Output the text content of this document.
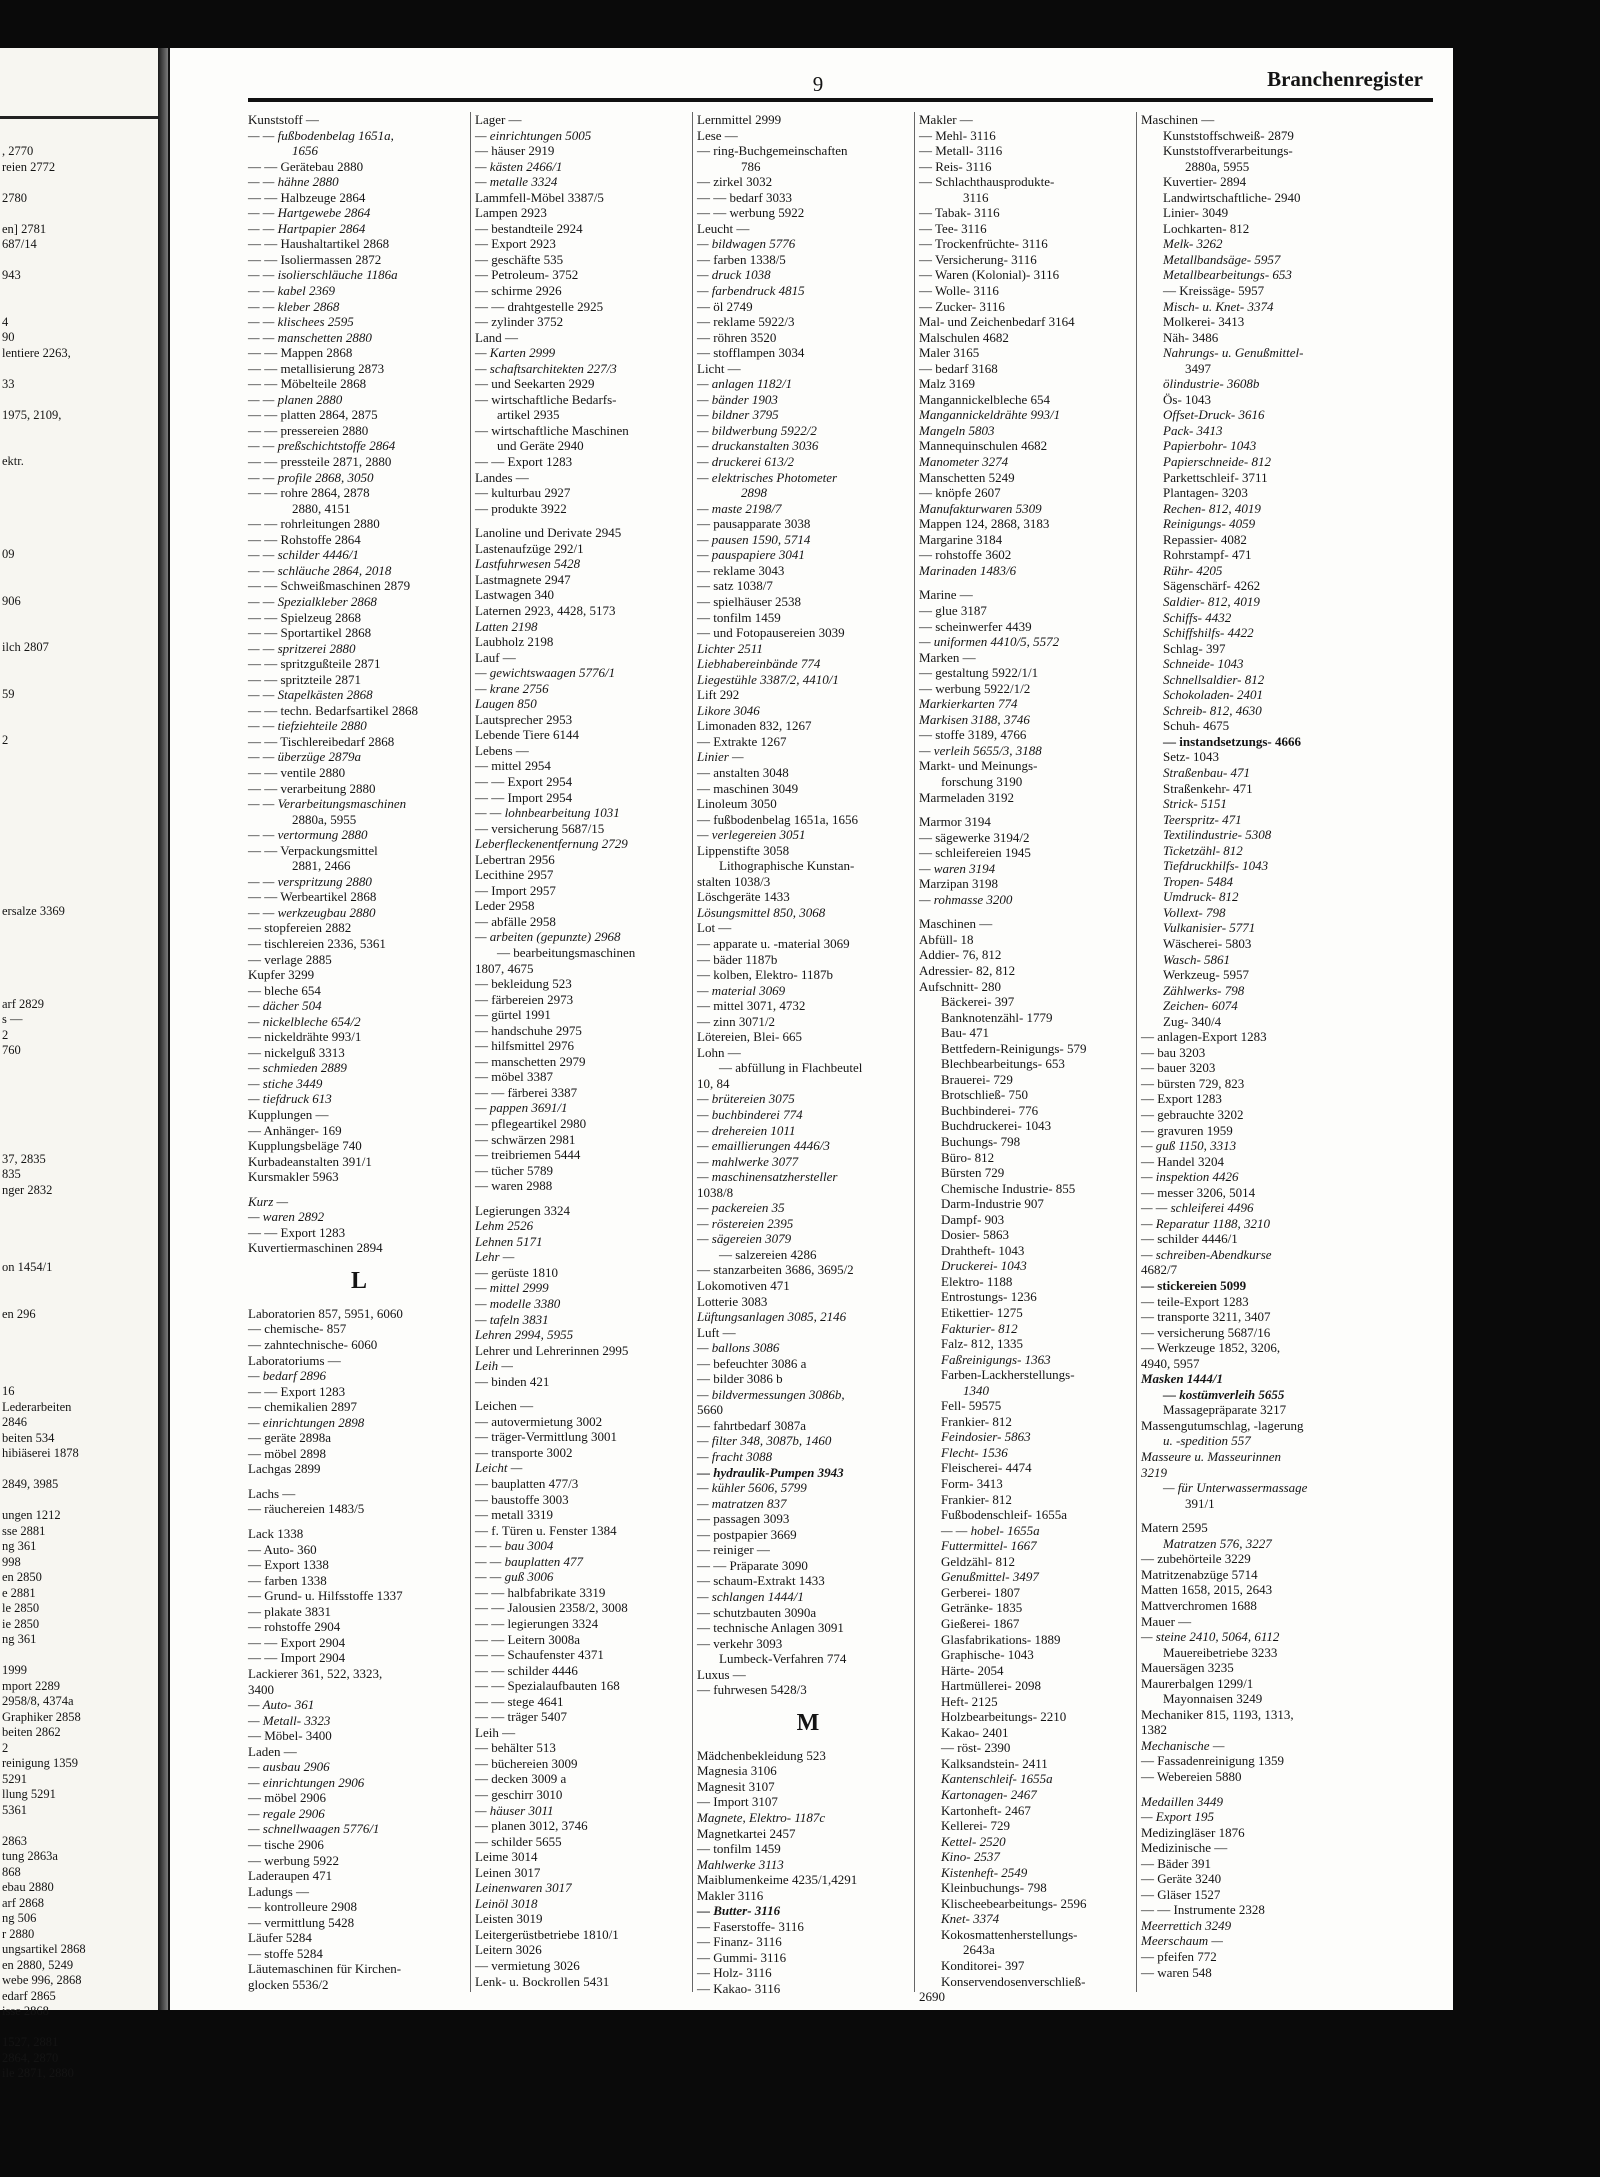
, 2770
reien 2772

2780

en] 2781
687/14

943

4
90
lentiere 2263,

33

1975, 2109,

ektr.

09

906

ilch 2807

59

2

ersalze 3369

arf 2829
s —
2
760

37, 2835
835
nger 2832

on 1454/1

en 296

16
Lederarbeiten
2846
beiten 534
hibiäserei 1878

2849, 3985

ungen 1212
sse 2881
ng 361
998
en 2850
e 2881
le 2850
ie 2850
ng 361

1999
mport 2289
2958/8, 4374a
Graphiker 2858
beiten 2862
2
reinigung 1359
5291
llung 5291
5361

2863
tung 2863a
868
ebau 2880
arf 2868
ng 506
r 2880
ungsartikel 2868
en 2880, 5249
webe 996, 2868
edarf 2865
isse 2868

1527, 2881
2864, 2870
ile 2871, 2880
9	Branchenregister
Kunststoff —
— — fußbodenbelag 1651a,
1656
— — Gerätebau 2880
— — hähne 2880
— — Halbzeuge 2864
— — Hartgewebe 2864
— — Hartpapier 2864
— — Haushaltartikel 2868
— — Isoliermassen 2872
— — isolierschläuche 1186a
— — kabel 2369
— — kleber 2868
— — klischees 2595
— — manschetten 2880
— — Mappen 2868
— — metallisierung 2873
— — Möbelteile 2868
— — planen 2880
— — platten 2864, 2875
— — pressereien 2880
— — preßschichtstoffe 2864
— — pressteile 2871, 2880
— — profile 2868, 3050
— — rohre 2864, 2878
2880, 4151
— — rohrleitungen 2880
— — Rohstoffe 2864
— — schilder 4446/1
— — schläuche 2864, 2018
— — Schweißmaschinen 2879
— — Spezialkleber 2868
— — Spielzeug 2868
— — Sportartikel 2868
— — spritzerei 2880
— — spritzgußteile 2871
— — spritzteile 2871
— — Stapelkästen 2868
— — techn. Bedarfsartikel 2868
— — tiefziehteile 2880
— — Tischlereibedarf 2868
— — überzüge 2879a
— — ventile 2880
— — verarbeitung 2880
— — Verarbeitungsmaschinen
2880a, 5955
— — vertormung 2880
— — Verpackungsmittel
2881, 2466
— — verspritzung 2880
— — Werbeartikel 2868
— — werkzeugbau 2880
— stopfereien 2882
— tischlereien 2336, 5361
— verlage 2885
Kupfer 3299
— bleche 654
— dächer 504
— nickelbleche 654/2
— nickeldrähte 993/1
— nickelguß 3313
— schmieden 2889
— stiche 3449
— tiefdruck 613
Kupplungen —
— Anhänger- 169
Kupplungsbeläge 740
Kurbadeanstalten 391/1
Kursmakler 5963
Kurz —
— waren 2892
— — Export 1283
Kuvertiermaschinen 2894
L
Laboratorien 857, 5951, 6060
— chemische- 857
— zahntechnische- 6060
Laboratoriums —
— bedarf 2896
— — Export 1283
— chemikalien 2897
— einrichtungen 2898
— geräte 2898a
— möbel 2898
Lachgas 2899
Lachs —
— räuchereien 1483/5
Lack 1338
— Auto- 360
— Export 1338
— farben 1338
— Grund- u. Hilfsstoffe 1337
— plakate 3831
— rohstoffe 2904
— — Export 2904
— — Import 2904
Lackierer 361, 522, 3323,
3400
— Auto- 361
— Metall- 3323
— Möbel- 3400
Laden —
— ausbau 2906
— einrichtungen 2906
— möbel 2906
— regale 2906
— schnellwaagen 5776/1
— tische 2906
— werbung 5922
Laderaupen 471
Ladungs —
— kontrolleure 2908
— vermittlung 5428
Läufer 5284
— stoffe 5284
Läutemaschinen für Kirchen-
glocken 5536/2
Lager —
— einrichtungen 5005
— häuser 2919
— kästen 2466/1
— metalle 3324
Lammfell-Möbel 3387/5
Lampen 2923
— bestandteile 2924
— Export 2923
— geschäfte 535
— Petroleum- 3752
— schirme 2926
— — drahtgestelle 2925
— zylinder 3752
Land —
— Karten 2999
— schaftsarchitekten 227/3
— und Seekarten 2929
— wirtschaftliche Bedarfs-
artikel 2935
— wirtschaftliche Maschinen
und Geräte 2940
— — Export 1283
Landes —
— kulturbau 2927
— produkte 3922
Lanoline und Derivate 2945
Lastenaufzüge 292/1
Lastfuhrwesen 5428
Lastmagnete 2947
Lastwagen 340
Laternen 2923, 4428, 5173
Latten 2198
Laubholz 2198
Lauf —
— gewichtswaagen 5776/1
— krane 2756
Laugen 850
Lautsprecher 2953
Lebende Tiere 6144
Lebens —
— mittel 2954
— — Export 2954
— — Import 2954
— — lohnbearbeitung 1031
— versicherung 5687/15
Leberfleckenentfernung 2729
Lebertran 2956
Lecithine 2957
— Import 2957
Leder 2958
— abfälle 2958
— arbeiten (gepunzte) 2968
— bearbeitungsmaschinen
1807, 4675
— bekleidung 523
— färbereien 2973
— gürtel 1991
— handschuhe 2975
— hilfsmittel 2976
— manschetten 2979
— möbel 3387
— — färberei 3387
— pappen 3691/1
— pflegeartikel 2980
— schwärzen 2981
— treibriemen 5444
— tücher 5789
— waren 2988
Legierungen 3324
Lehm 2526
Lehnen 5171
Lehr —
— gerüste 1810
— mittel 2999
— modelle 3380
— tafeln 3831
Lehren 2994, 5955
Lehrer und Lehrerinnen 2995
Leih —
— binden 421
Leichen —
— autovermietung 3002
— träger-Vermittlung 3001
— transporte 3002
Leicht —
— bauplatten 477/3
— baustoffe 3003
— metall 3319
— f. Türen u. Fenster 1384
— — bau 3004
— — bauplatten 477
— — guß 3006
— — halbfabrikate 3319
— — Jalousien 2358/2, 3008
— — legierungen 3324
— — Leitern 3008a
— — Schaufenster 4371
— — schilder 4446
— — Spezialaufbauten 168
— — stege 4641
— — träger 5407
Leih —
— behälter 513
— büchereien 3009
— decken 3009 a
— geschirr 3010
— häuser 3011
— planen 3012, 3746
— schilder 5655
Leime 3014
Leinen 3017
Leinenwaren 3017
Leinöl 3018
Leisten 3019
Leitergerüstbetriebe 1810/1
Leitern 3026
— vermietung 3026
Lenk- u. Bockrollen 5431
Lernmittel 2999
Lese —
— ring-Buchgemeinschaften
786
— zirkel 3032
— — bedarf 3033
— — werbung 5922
Leucht —
— bildwagen 5776
— farben 1338/5
— druck 1038
— farbendruck 4815
— öl 2749
— reklame 5922/3
— röhren 3520
— stofflampen 3034
Licht —
— anlagen 1182/1
— bänder 1903
— bildner 3795
— bildwerbung 5922/2
— druckanstalten 3036
— druckerei 613/2
— elektrisches Photometer
2898
— maste 2198/7
— pausapparate 3038
— pausen 1590, 5714
— pauspapiere 3041
— reklame 3043
— satz 1038/7
— spielhäuser 2538
— tonfilm 1459
— und Fotopausereien 3039
Lichter 2511
Liebhabereinbände 774
Liegestühle 3387/2, 4410/1
Lift 292
Likore 3046
Limonaden 832, 1267
— Extrakte 1267
Linier —
— anstalten 3048
— maschinen 3049
Linoleum 3050
— fußbodenbelag 1651a, 1656
— verlegereien 3051
Lippenstifte 3058
Lithographische Kunstan-
stalten 1038/3
Löschgeräte 1433
Lösungsmittel 850, 3068
Lot —
— apparate u. -material 3069
— bäder 1187b
— kolben, Elektro- 1187b
— material 3069
— mittel 3071, 4732
— zinn 3071/2
Lötereien, Blei- 665
Lohn —
— abfüllung in Flachbeutel
10, 84
— brütereien 3075
— buchbinderei 774
— drehereien 1011
— emaillierungen 4446/3
— mahlwerke 3077
— maschinensatzhersteller
1038/8
— packereien 35
— röstereien 2395
— sägereien 3079
— salzereien 4286
— stanzarbeiten 3686, 3695/2
Lokomotiven 471
Lotterie 3083
Lüftungsanlagen 3085, 2146
Luft —
— ballons 3086
— befeuchter 3086 a
— bilder 3086 b
— bildvermessungen 3086b,
5660
— fahrtbedarf 3087a
— filter 348, 3087b, 1460
— fracht 3088
— hydraulik-Pumpen 3943
— kühler 5606, 5799
— matratzen 837
— passagen 3093
— postpapier 3669
— reiniger —
— — Präparate 3090
— schaum-Extrakt 1433
— schlangen 1444/1
— schutzbauten 3090a
— technische Anlagen 3091
— verkehr 3093
Lumbeck-Verfahren 774
Luxus —
— fuhrwesen 5428/3
M
Mädchenbekleidung 523
Magnesia 3106
Magnesit 3107
— Import 3107
Magnete, Elektro- 1187c
Magnetkartei 2457
— tonfilm 1459
Mahlwerke 3113
Maiblumenkeime 4235/1,4291
Makler 3116
— Butter- 3116
— Faserstoffe- 3116
— Finanz- 3116
— Gummi- 3116
— Holz- 3116
— Kakao- 3116
Makler —
— Mehl- 3116
— Metall- 3116
— Reis- 3116
— Schlachthausprodukte-
3116
— Tabak- 3116
— Tee- 3116
— Trockenfrüchte- 3116
— Versicherung- 3116
— Waren (Kolonial)- 3116
— Wolle- 3116
— Zucker- 3116
Mal- und Zeichenbedarf 3164
Malschulen 4682
Maler 3165
— bedarf 3168
Malz 3169
Mangannickelbleche 654
Mangannickeldrähte 993/1
Mangeln 5803
Mannequinschulen 4682
Manometer 3274
Manschetten 5249
— knöpfe 2607
Manufakturwaren 5309
Mappen 124, 2868, 3183
Margarine 3184
— rohstoffe 3602
Marinaden 1483/6
Marine —
— glue 3187
— scheinwerfer 4439
— uniformen 4410/5, 5572
Marken —
— gestaltung 5922/1/1
— werbung 5922/1/2
Markierkarten 774
Markisen 3188, 3746
— stoffe 3189, 4766
— verleih 5655/3, 3188
Markt- und Meinungs-
forschung 3190
Marmeladen 3192
Marmor 3194
— sägewerke 3194/2
— schleifereien 1945
— waren 3194
Marzipan 3198
— rohmasse 3200
Maschinen —
Abfüll- 18
Addier- 76, 812
Adressier- 82, 812
Aufschnitt- 280
Bäckerei- 397
Banknotenzähl- 1779
Bau- 471
Bettfedern-Reinigungs- 579
Blechbearbeitungs- 653
Brauerei- 729
Brotschließ- 750
Buchbinderei- 776
Buchdruckerei- 1043
Buchungs- 798
Büro- 812
Bürsten 729
Chemische Industrie- 855
Darm-Industrie 907
Dampf- 903
Dosier- 5863
Drahtheft- 1043
Druckerei- 1043
Elektro- 1188
Entrostungs- 1236
Etikettier- 1275
Fakturier- 812
Falz- 812, 1335
Faßreinigungs- 1363
Farben-Lackherstellungs-
1340
Fell- 59575
Frankier- 812
Feindosier- 5863
Flecht- 1536
Fleischerei- 4474
Form- 3413
Frankier- 812
Fußbodenschleif- 1655a
— — hobel- 1655a
Futtermittel- 1667
Geldzähl- 812
Genußmittel- 3497
Gerberei- 1807
Getränke- 1835
Gießerei- 1867
Glasfabrikations- 1889
Graphische- 1043
Härte- 2054
Hartmüllerei- 2098
Heft- 2125
Holzbearbeitungs- 2210
Kakao- 2401
— röst- 2390
Kalksandstein- 2411
Kantenschleif- 1655a
Kartonagen- 2467
Kartonheft- 2467
Kellerei- 729
Kettel- 2520
Kino- 2537
Kistenheft- 2549
Kleinbuchungs- 798
Klischeebearbeitungs- 2596
Knet- 3374
Kokosmattenherstellungs-
2643a
Konditorei- 397
Konservendosenverschließ-
2690
Maschinen —
Kunststoffschweiß- 2879
Kunststoffverarbeitungs-
2880a, 5955
Kuvertier- 2894
Landwirtschaftliche- 2940
Linier- 3049
Lochkarten- 812
Melk- 3262
Metallbandsäge- 5957
Metallbearbeitungs- 653
— Kreissäge- 5957
Misch- u. Knet- 3374
Molkerei- 3413
Näh- 3486
Nahrungs- u. Genußmittel-
3497
ölindustrie- 3608b
Ös- 1043
Offset-Druck- 3616
Pack- 3413
Papierbohr- 1043
Papierschneide- 812
Parkettschleif- 3711
Plantagen- 3203
Rechen- 812, 4019
Reinigungs- 4059
Repassier- 4082
Rohrstampf- 471
Rühr- 4205
Sägenschärf- 4262
Saldier- 812, 4019
Schiffs- 4432
Schiffshilfs- 4422
Schlag- 397
Schneide- 1043
Schnellsaldier- 812
Schokoladen- 2401
Schreib- 812, 4630
Schuh- 4675
— instandsetzungs- 4666
Setz- 1043
Straßenbau- 471
Straßenkehr- 471
Strick- 5151
Teerspritz- 471
Textilindustrie- 5308
Ticketzähl- 812
Tiefdruckhilfs- 1043
Tropen- 5484
Umdruck- 812
Vollext- 798
Vulkanisier- 5771
Wäscherei- 5803
Wasch- 5861
Werkzeug- 5957
Zählwerks- 798
Zeichen- 6074
Zug- 340/4
— anlagen-Export 1283
— bau 3203
— bauer 3203
— bürsten 729, 823
— Export 1283
— gebrauchte 3202
— gravuren 1959
— guß 1150, 3313
— Handel 3204
— inspektion 4426
— messer 3206, 5014
— — schleiferei 4496
— Reparatur 1188, 3210
— schilder 4446/1
— schreiben-Abendkurse
4682/7
— stickereien 5099
— teile-Export 1283
— transporte 3211, 3407
— versicherung 5687/16
— Werkzeuge 1852, 3206,
4940, 5957
Masken 1444/1
— kostümverleih 5655
Massagepräparate 3217
Massengutumschlag, -lagerung
u. -spedition 557
Masseure u. Masseurinnen
3219
— für Unterwassermassage
391/1
Matern 2595
Matratzen 576, 3227
— zubehörteile 3229
Matritzenabzüge 5714
Matten 1658, 2015, 2643
Mattverchromen 1688
Mauer —
— steine 2410, 5064, 6112
Mauereibetriebe 3233
Mauersägen 3235
Maurerbalgen 1299/1
Mayonnaisen 3249
Mechaniker 815, 1193, 1313,
1382
Mechanische —
— Fassadenreinigung 1359
— Webereien 5880
Medaillen 3449
— Export 195
Medizingläser 1876
Medizinische —
— Bäder 391
— Geräte 3240
— Gläser 1527
— — Instrumente 2328
Meerrettich 3249
Meerschaum —
— pfeifen 772
— waren 548
